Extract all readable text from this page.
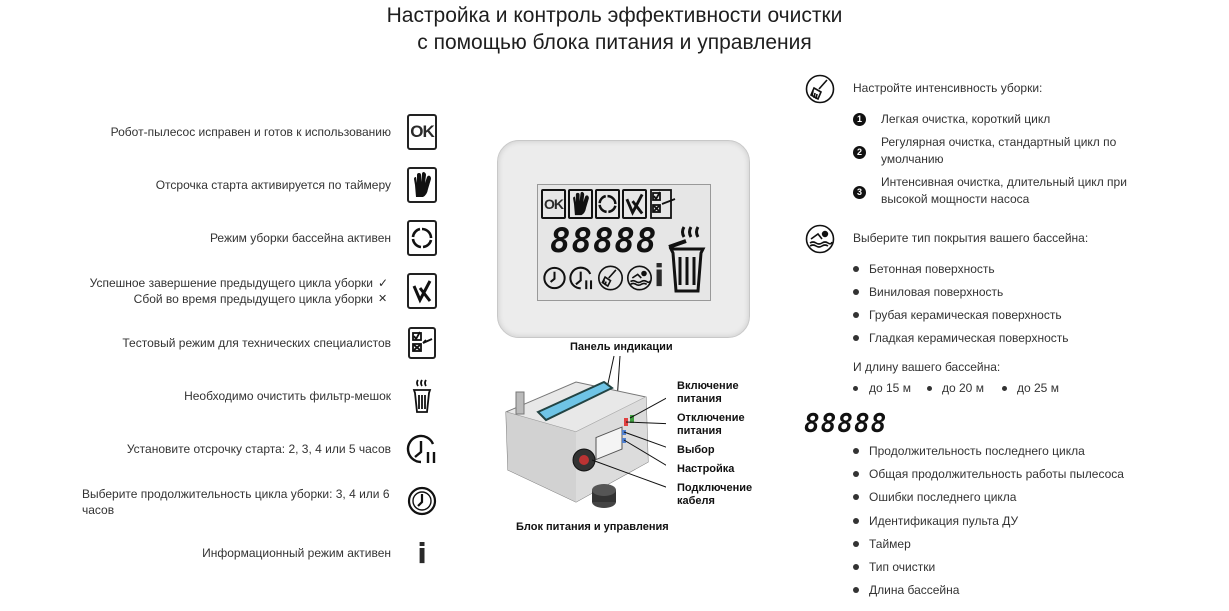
Настройка и контроль эффективности очистки
с помощью блока питания и управления
Робот-пылесос исправен и готов к использованию OK
Отсрочка старта активируется по таймеру
Режим уборки бассейна активен
Успешное завершение предыдущего цикла уборки ✓
Сбой во время предыдущего цикла уборки ✕
Тестовый режим для технических специалистов
Необходимо очистить фильтр-мешок
Установите отсрочку старта: 2, 3, 4 или 5 часов
Выберите продолжительность цикла уборки: 3, 4 или 6 часов
Информационный режим активен i
OK
88888
i
Панель индикации
Включение питания
Отключение питания
Выбор
Настройка
Подключение кабеля
Блок питания и управления
Настройте интенсивность уборки:
1	Легкая очистка, короткий цикл
2
Регулярная очистка, стандартный цикл по умолчанию
3
Интенсивная очистка, длительный цикл при высокой мощности насоса
Выберите тип покрытия вашего бассейна:
Бетонная поверхность
Виниловая поверхность
Грубая керамическая поверхность
Гладкая керамическая поверхность
И длину вашего бассейна:
до 15 м	до 20 м	до 25 м
88888
Продолжительность последнего цикла
Общая продолжительность работы пылесоса
Ошибки последнего цикла
Идентификация пульта ДУ
Таймер
Тип очистки
Длина бассейна
